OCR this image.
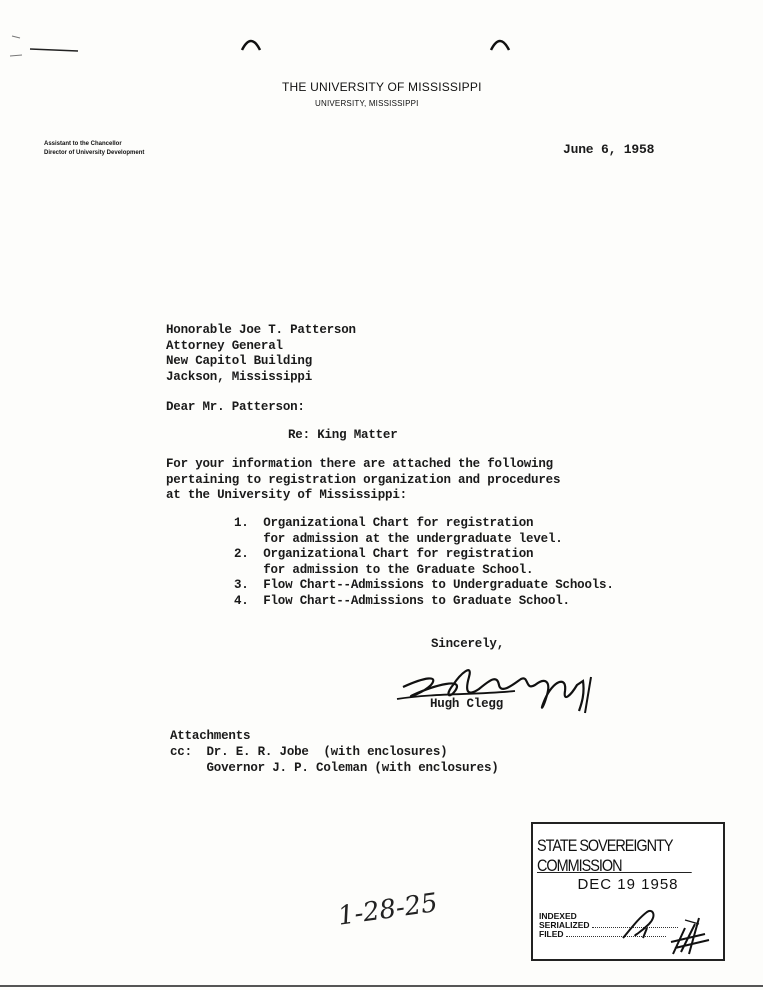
THE UNIVERSITY OF MISSISSIPPI
UNIVERSITY, MISSISSIPPI
Assistant to the Chancellor
Director of University Development	June 6, 1958
Honorable Joe T. Patterson
Attorney General
New Capitol Building
Jackson, Mississippi
Dear Mr. Patterson:
Re: King Matter
For your information there are attached the following
pertaining to registration organization and procedures
at the University of Mississippi:
1.  Organizational Chart for registration
for admission at the undergraduate level.
2.  Organizational Chart for registration
for admission to the Graduate School.
3.  Flow Chart--Admissions to Undergraduate Schools.
4.  Flow Chart--Admissions to Graduate School.
Sincerely,
Hugh Clegg
Attachments
cc:  Dr. E. R. Jobe  (with enclosures)
Governor J. P. Coleman (with enclosures)
1-28-25
STATE SOVEREIGNTY COMMISSION
DEC 19 1958
INDEXED
SERIALIZED
FILED
